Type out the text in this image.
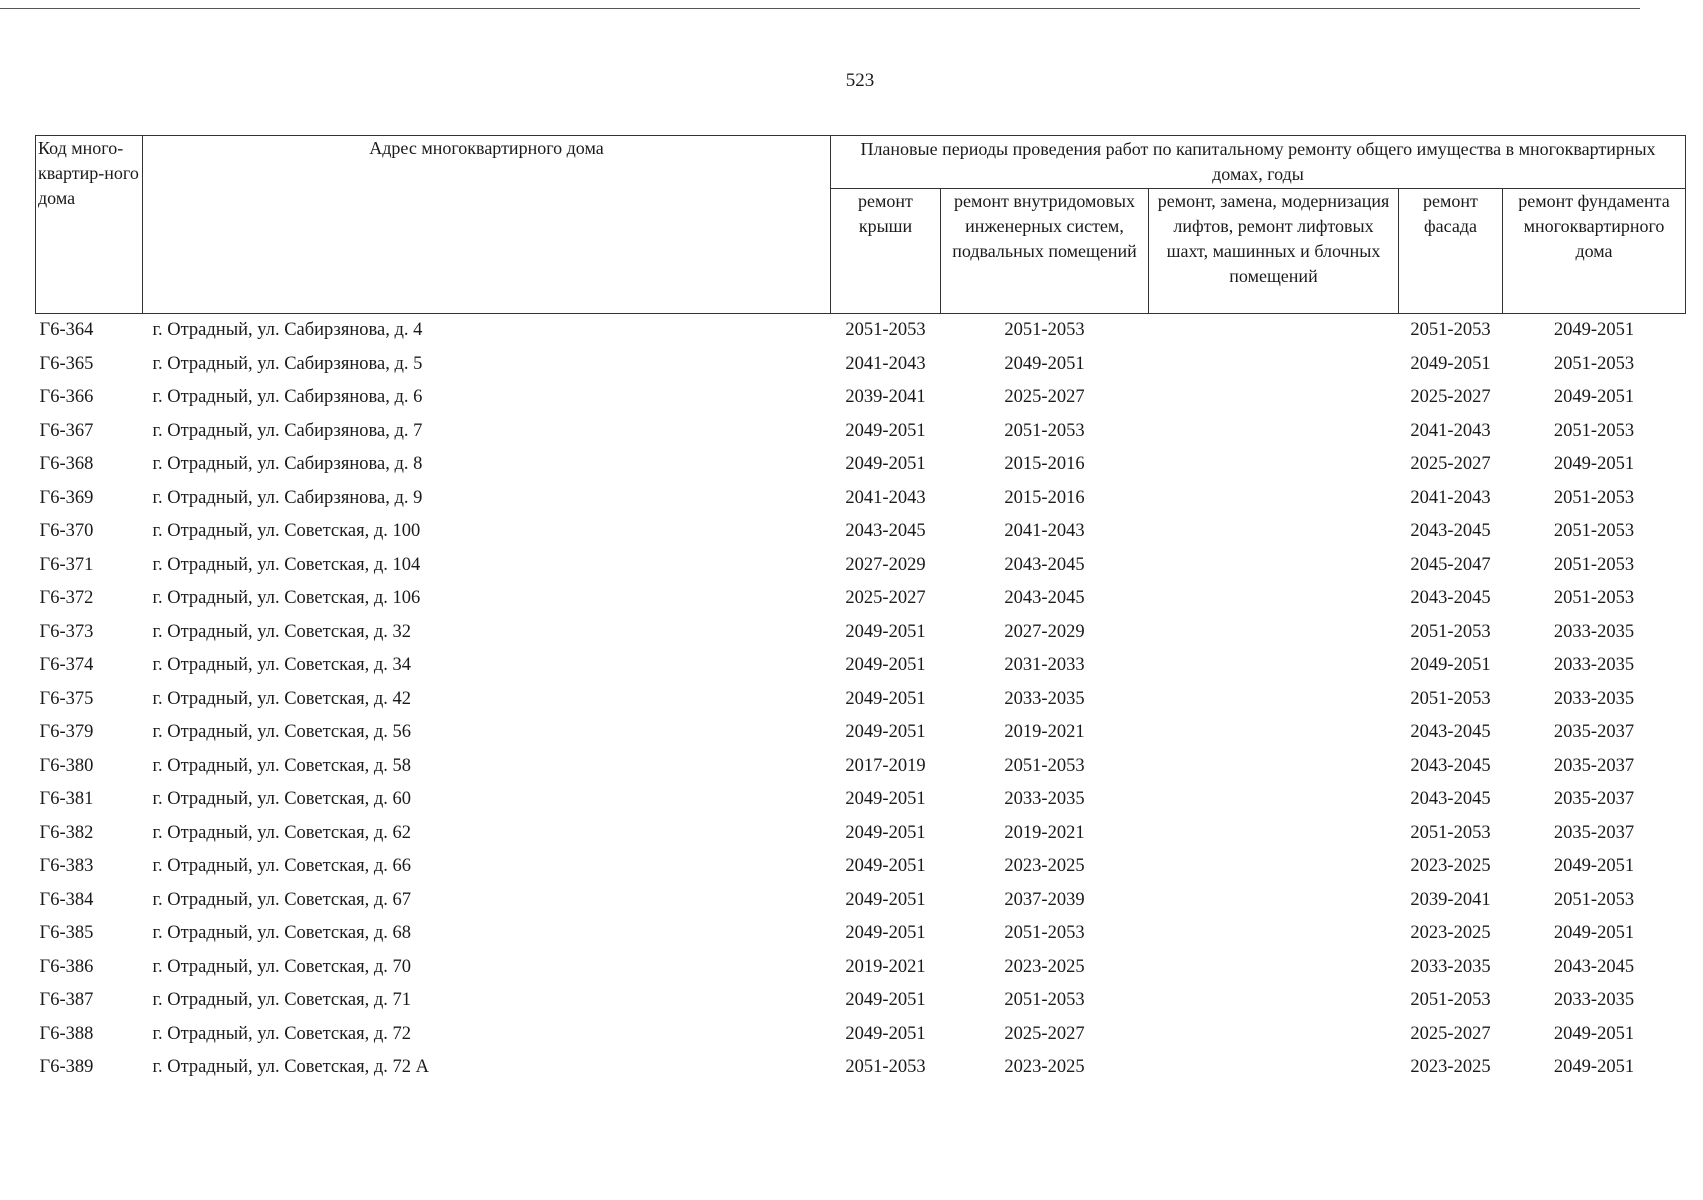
523
Код много-квартир-ного дома	Адрес многоквартирного дома	Плановые периоды проведения работ по капитальному ремонту общего имущества в многоквартирных домах, годы				
		ремонт крыши	ремонт внутридомовых инженерных систем, подвальных помещений	ремонт, замена, модернизация лифтов, ремонт лифтовых шахт, машинных и блочных помещений	ремонт фасада	ремонт фундамента многоквартирного дома
Г6-364	г. Отрадный, ул. Сабирзянова, д. 4	2051-2053	2051-2053		2051-2053	2049-2051
Г6-365	г. Отрадный, ул. Сабирзянова, д. 5	2041-2043	2049-2051		2049-2051	2051-2053
Г6-366	г. Отрадный, ул. Сабирзянова, д. 6	2039-2041	2025-2027		2025-2027	2049-2051
Г6-367	г. Отрадный, ул. Сабирзянова, д. 7	2049-2051	2051-2053		2041-2043	2051-2053
Г6-368	г. Отрадный, ул. Сабирзянова, д. 8	2049-2051	2015-2016		2025-2027	2049-2051
Г6-369	г. Отрадный, ул. Сабирзянова, д. 9	2041-2043	2015-2016		2041-2043	2051-2053
Г6-370	г. Отрадный, ул. Советская, д. 100	2043-2045	2041-2043		2043-2045	2051-2053
Г6-371	г. Отрадный, ул. Советская, д. 104	2027-2029	2043-2045		2045-2047	2051-2053
Г6-372	г. Отрадный, ул. Советская, д. 106	2025-2027	2043-2045		2043-2045	2051-2053
Г6-373	г. Отрадный, ул. Советская, д. 32	2049-2051	2027-2029		2051-2053	2033-2035
Г6-374	г. Отрадный, ул. Советская, д. 34	2049-2051	2031-2033		2049-2051	2033-2035
Г6-375	г. Отрадный, ул. Советская, д. 42	2049-2051	2033-2035		2051-2053	2033-2035
Г6-379	г. Отрадный, ул. Советская, д. 56	2049-2051	2019-2021		2043-2045	2035-2037
Г6-380	г. Отрадный, ул. Советская, д. 58	2017-2019	2051-2053		2043-2045	2035-2037
Г6-381	г. Отрадный, ул. Советская, д. 60	2049-2051	2033-2035		2043-2045	2035-2037
Г6-382	г. Отрадный, ул. Советская, д. 62	2049-2051	2019-2021		2051-2053	2035-2037
Г6-383	г. Отрадный, ул. Советская, д. 66	2049-2051	2023-2025		2023-2025	2049-2051
Г6-384	г. Отрадный, ул. Советская, д. 67	2049-2051	2037-2039		2039-2041	2051-2053
Г6-385	г. Отрадный, ул. Советская, д. 68	2049-2051	2051-2053		2023-2025	2049-2051
Г6-386	г. Отрадный, ул. Советская, д. 70	2019-2021	2023-2025		2033-2035	2043-2045
Г6-387	г. Отрадный, ул. Советская, д. 71	2049-2051	2051-2053		2051-2053	2033-2035
Г6-388	г. Отрадный, ул. Советская, д. 72	2049-2051	2025-2027		2025-2027	2049-2051
Г6-389	г. Отрадный, ул. Советская, д. 72 А	2051-2053	2023-2025		2023-2025	2049-2051
